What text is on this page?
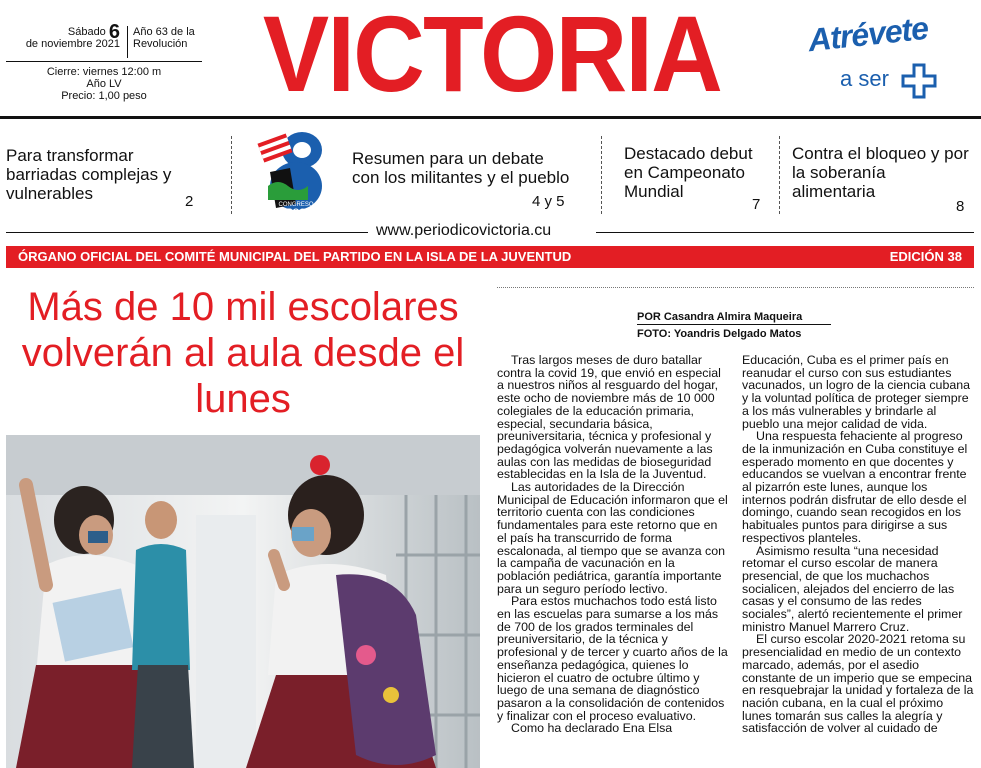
Sábado 6
de noviembre 2021
Año 63 de la
Revolución
Cierre: viernes 12:00 m
Año LV
Precio: 1,00 peso	VICTORIA	Atrévete
a ser
Para transformar barriadas complejas y vulnerables	2	CONGRESO
PCC
Resumen para un debate con los militantes y el pueblo
4 y 5
Destacado debut en Campeonato Mundial
7
Contra el bloqueo y por la soberanía alimentaria
8
www.periodicovictoria.cu
ÓRGANO OFICIAL DEL COMITÉ MUNICIPAL DEL PARTIDO EN LA ISLA DE LA JUVENTUD	EDICIÓN 38
Más de 10 mil escolares volverán al aula desde el lunes
POR Casandra Almira Maqueira
FOTO: Yoandris Delgado Matos

Tras largos meses de duro batallar contra la covid 19, que envió en especial a nuestros niños al resguardo del hogar, este ocho de noviembre más de 10 000 colegiales de la educación primaria, especial, secundaria básica, preuniversitaria, técnica y profesional y pedagógica volverán nuevamente a las aulas con las medidas de bioseguridad establecidas en la Isla de la Juventud.

Las autoridades de la Dirección Municipal de Educación informaron que el territorio cuenta con las condiciones fundamentales para este retorno que en el país ha transcurrido de forma escalonada, al tiempo que se avanza con la campaña de vacunación en la población pediátrica, garantía importante para un seguro período lectivo.

Para estos muchachos todo está listo en las escuelas para sumarse a los más de 700 de los grados terminales del preuniversitario, de la técnica y profesional y de tercer y cuarto años de la enseñanza pedagógica, quienes lo hicieron el cuatro de octubre último y luego de una semana de diagnóstico pasaron a la consolidación de contenidos y finalizar con el proceso evaluativo.

Como ha declarado Ena Elsa

Educación, Cuba es el primer país en reanudar el curso con sus estudiantes vacunados, un logro de la ciencia cubana y la voluntad política de proteger siempre a los más vulnerables y brindarle al pueblo una mejor calidad de vida.

Una respuesta fehaciente al progreso de la inmunización en Cuba constituye el esperado momento en que docentes y educandos se vuelvan a encontrar frente al pizarrón este lunes, aunque los internos podrán disfrutar de ello desde el domingo, cuando sean recogidos en los habituales puntos para dirigirse a sus respectivos planteles.

Asimismo resulta “una necesidad retomar el curso escolar de manera presencial, de que los muchachos socialicen, alejados del encierro de las casas y el consumo de las redes sociales”, alertó recientemente el primer ministro Manuel Marrero Cruz.

El curso escolar 2020-2021 retoma su presencialidad en medio de un contexto marcado, además, por el asedio constante de un imperio que se empecina en resquebrajar la unidad y fortaleza de la nación cubana, en la cual el próximo lunes tomarán sus calles la alegría y satisfacción de volver al cuidado de
